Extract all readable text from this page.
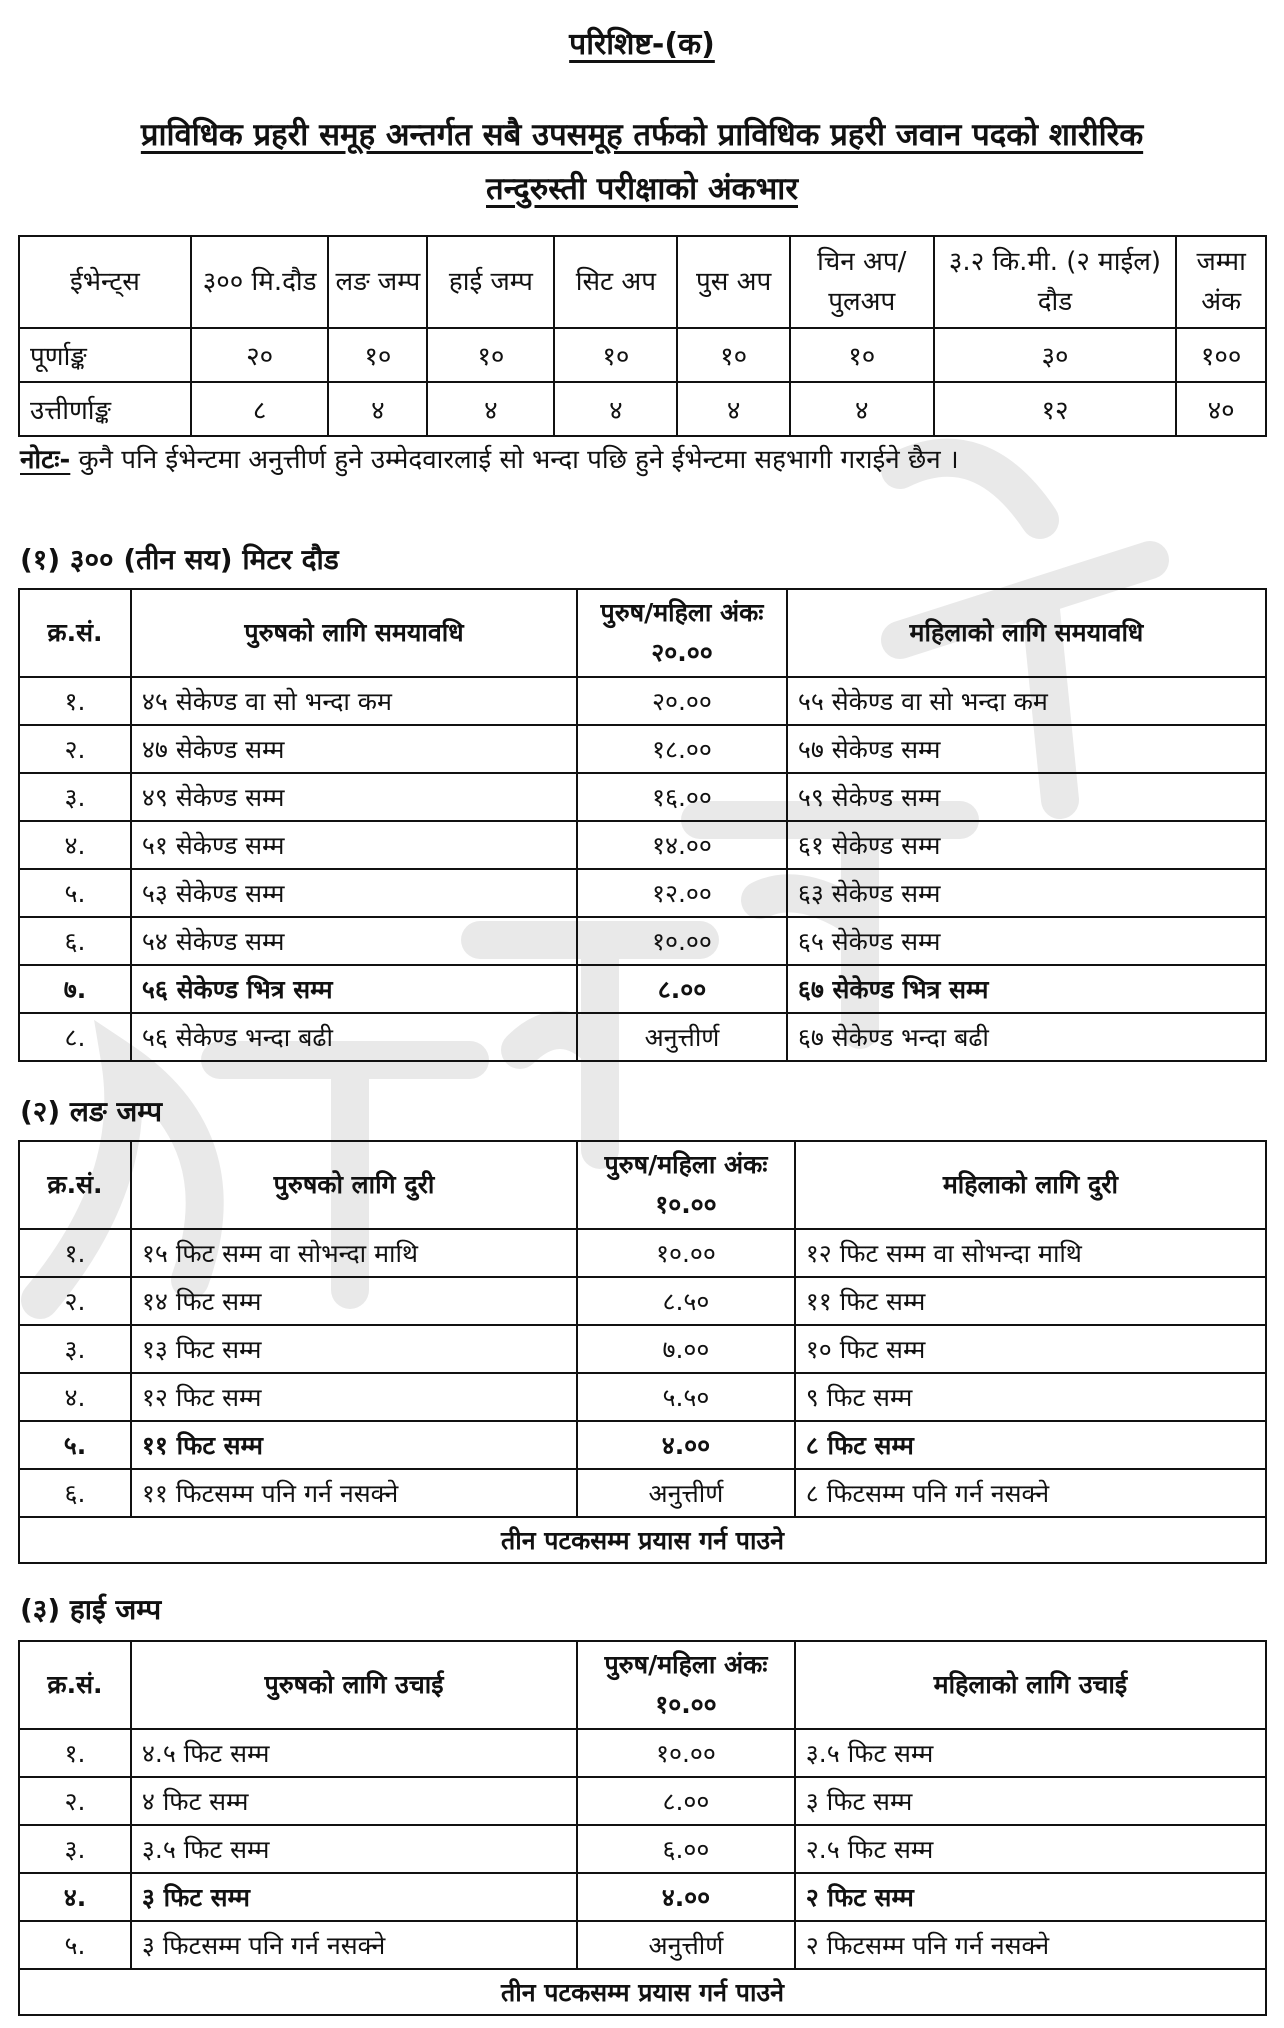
परिशिष्ट-(क)
प्राविधिक प्रहरी समूह अन्तर्गत सबै उपसमूह तर्फको प्राविधिक प्रहरी जवान पदको शारीरिक
तन्दुरुस्ती परीक्षाको अंकभार
ईभेन्ट्स	३०० मि.दौड	लङ जम्प	हाई जम्प	सिट अप	पुस अप	चिन अप/ पुलअप	३.२ कि.मी. (२ माईल) दौड	जम्मा अंक
पूर्णाङ्क	२०	१०	१०	१०	१०	१०	३०	१००
उत्तीर्णाङ्क	८	४	४	४	४	४	१२	४०
नोटः- कुनै पनि ईभेन्टमा अनुत्तीर्ण हुने उम्मेदवारलाई सो भन्दा पछि हुने ईभेन्टमा सहभागी गराईने छैन ।
(१) ३०० (तीन सय) मिटर दौड
क्र.सं.	पुरुषको लागि समयावधि	पुरुष/महिला अंकः २०.००	महिलाको लागि समयावधि
१.	४५ सेकेण्ड वा सो भन्दा कम	२०.००	५५ सेकेण्ड वा सो भन्दा कम
२.	४७ सेकेण्ड सम्म	१८.००	५७ सेकेण्ड सम्म
३.	४९ सेकेण्ड सम्म	१६.००	५९ सेकेण्ड सम्म
४.	५१ सेकेण्ड सम्म	१४.००	६१ सेकेण्ड सम्म
५.	५३ सेकेण्ड सम्म	१२.००	६३ सेकेण्ड सम्म
६.	५४ सेकेण्ड सम्म	१०.००	६५ सेकेण्ड सम्म
७.	५६ सेकेण्ड भित्र सम्म	८.००	६७ सेकेण्ड भित्र सम्म
८.	५६ सेकेण्ड भन्दा बढी	अनुत्तीर्ण	६७ सेकेण्ड भन्दा बढी
(२) लङ जम्प
क्र.सं.	पुरुषको लागि दुरी	पुरुष/महिला अंकः १०.००	महिलाको लागि दुरी
१.	१५ फिट सम्म वा सोभन्दा माथि	१०.००	१२ फिट सम्म वा सोभन्दा माथि
२.	१४ फिट सम्म	८.५०	११ फिट सम्म
३.	१३ फिट सम्म	७.००	१० फिट सम्म
४.	१२ फिट सम्म	५.५०	९ फिट सम्म
५.	११ फिट सम्म	४.००	८ फिट सम्म
६.	११ फिटसम्म पनि गर्न नसक्ने	अनुत्तीर्ण	८ फिटसम्म पनि गर्न नसक्ने
तीन पटकसम्म प्रयास गर्न पाउने			
(३) हाई जम्प
क्र.सं.	पुरुषको लागि उचाई	पुरुष/महिला अंकः १०.००	महिलाको लागि उचाई
१.	४.५ फिट सम्म	१०.००	३.५ फिट सम्म
२.	४ फिट सम्म	८.००	३ फिट सम्म
३.	३.५ फिट सम्म	६.००	२.५ फिट सम्म
४.	३ फिट सम्म	४.००	२ फिट सम्म
५.	३ फिटसम्म पनि गर्न नसक्ने	अनुत्तीर्ण	२ फिटसम्म पनि गर्न नसक्ने
तीन पटकसम्म प्रयास गर्न पाउने			
